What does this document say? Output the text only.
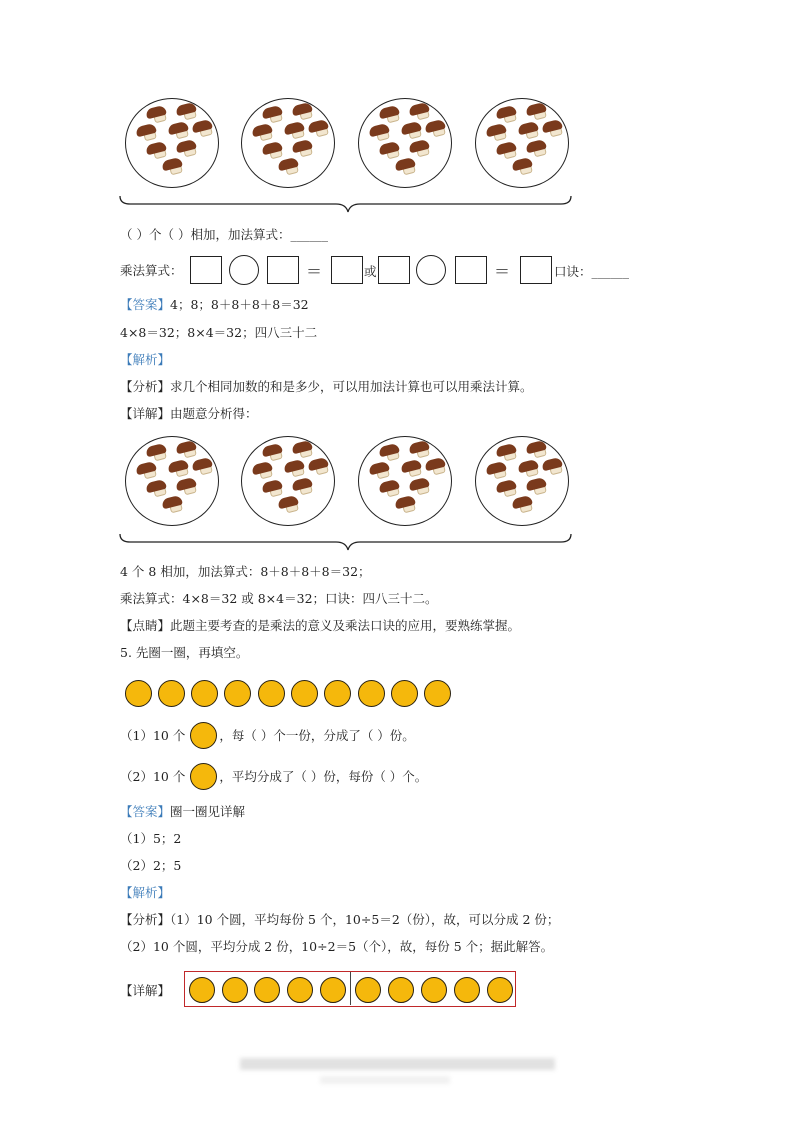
（ ）个（ ）相加，加法算式：______
乘法算式：	＝	或	＝	口诀：______
【答案】4；8；8＋8＋8＋8＝32
4×8＝32；8×4＝32；四八三十二
【解析】
【分析】求几个相同加数的和是多少，可以用加法计算也可以用乘法计算。
【详解】由题意分析得：
4 个 8 相加，加法算式：8＋8＋8＋8＝32；
乘法算式：4×8＝32 或 8×4＝32；口诀：四八三十二。
【点睛】此题主要考查的是乘法的意义及乘法口诀的应用，要熟练掌握。
5. 先圈一圈，再填空。
（1）10 个	，每（ ）个一份，分成了（ ）份。
（2）10 个	，平均分成了（ ）份，每份（ ）个。
【答案】圈一圈见详解
（1）5；2
（2）2；5
【解析】
【分析】（1）10 个圆，平均每份 5 个，10÷5＝2（份），故，可以分成 2 份；
（2）10 个圆，平均分成 2 份，10÷2＝5（个），故，每份 5 个；据此解答。
【详解】
